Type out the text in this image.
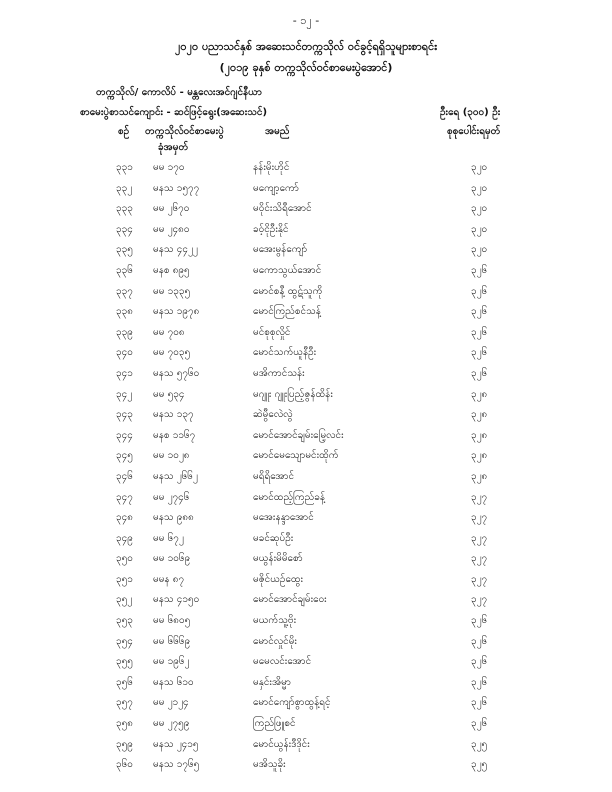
- ၁၂ -
၂၀၂၀ ပညာသင်နှစ် အဆေးသင်တက္ကသိုလ် ဝင်ခွင့်ရရှိသူများစာရင်း
(၂၀၁၉ ခုနှစ် တက္ကသိုလ်ဝင်စာမေးပွဲအောင်)
တက္ကသိုလ်/ ကောလိပ် - မန္တလေးအင်ဂျင်နီယာ
စာမေးပွဲစာသင်ကျောင်း - ဆင်ဖြင့်ရွေး(အဆေးသင်)	ဦးရေ (၃၀၀) ဦး
စဉ် တက္ကသိုလ်ဝင်စာမေးပွဲ
ခုံအမှတ်
အမည်	စုစုပေါင်းရမှတ်
၃၃၁ မမ ၁၇၀	နန်းမိုးဟိုင်	၃၂၀
၃၃၂ မနသ ၁၅၇၇	မကျော့ကော်	၃၂၀
၃၃၃ မမ ၂၆၇၀	မဝိုင်းသိရီအောင်	၃၂၀
၃၃၄ မမ ၂၄၈၀	ခဝ့်ငိုဦးနိုင်	၃၂၀
၃၃၅ မနသ ၄၄၂၂	မအေးမွန်ကျော်	၃၂၀
၃၃၆ မနစ ၈၉၅	မကောသွယ်အောင်	၃၂၆
၃၃၇ မမ ၁၃၃၅	မောင်စနီ့ ထွဋ်သူကို	၃၂၆
၃၃၈ မနသ ၁၉၇၈	မောင်ကြည်စင်သန့်	၃၂၆
၃၃၉ မမ ၇၀၈	မင်စုစုလှိုင်	၃၂၆
၃၄၀ မမ ၇၀၃၅	မောင်သက်ယူနီဦး	၃၂၆
၃၄၁ မနသ ၅၇၆၀	မအိကာင်သန်း	၃၂၆
၃၄၂ မမ ၅၃၄	မဂျူး ဂျူးပြည့်ဇွန်ထိန်း	၃၂၈
၃၄၃ မနသ ၁၃၇	ဆဲမွီလေဲလွဲ	၃၂၈
၃၄၄ မနစ ၁၁၆၇	မောင်အောင်ချမ်းမြေ့လင်း	၃၂၈
၃၄၅ မမ ၁၀၂၈	မောင်မေသျောမင်းထိုက်	၃၂၈
၃၄၆ မနသ ၂၆၆၂	မရိရိအောင်	၃၂၈
၃၄၇ မမ ၂၇၄၆	မောင်ထည့်ကြည်ခန့်	၃၂၇
၃၄၈ မနသ ၉၈၈	မအေးနန္ဒာအောင်	၃၂၇
၃၄၉ မမ ၆၇၂	မခင်ဆုပ်ဦး	၃၂၇
၃၅၀ မမ ၁၀၆၉	မယွန်းမိမိစော်	၃၂၇
၃၅၁ မမန ၈၇	မဇိုင်ယဉ်ထွေး	၃၂၇
၃၅၂ မနသ ၄၁၅၀	မောင်အောင်ချမ်းဝေး	၃၂၇
၃၅၃ မမ ၆၈၀၅	မယက်သူ့ဗိုး	၃၂၆
၃၅၄ မမ ၆၆၆၉	မောင်လှုင်မိုး	၃၂၆
၃၅၅ မမ ၁၉၆၂	မမေလင်းအောင်	၃၂၆
၃၅၆ မနသ ၆၁၀	မနှင်းအိမ္မာ	၃၂၆
၃၅၇ မမ ၂၁၂၄	မောင်ကျော်စွာထွန့်ရင့်	၃၂၆
၃၅၈ မမ ၂၇၅၉	ကြည်ဖြူစင်	၃၂၆
၃၅၉ မနသ ၂၄၁၅	မောင်ယွန်းဒီဒိုင်း	၃၂၅
၃၆၀ မနသ ၁၇၆၅	မအိသူခိုး	၃၂၅
